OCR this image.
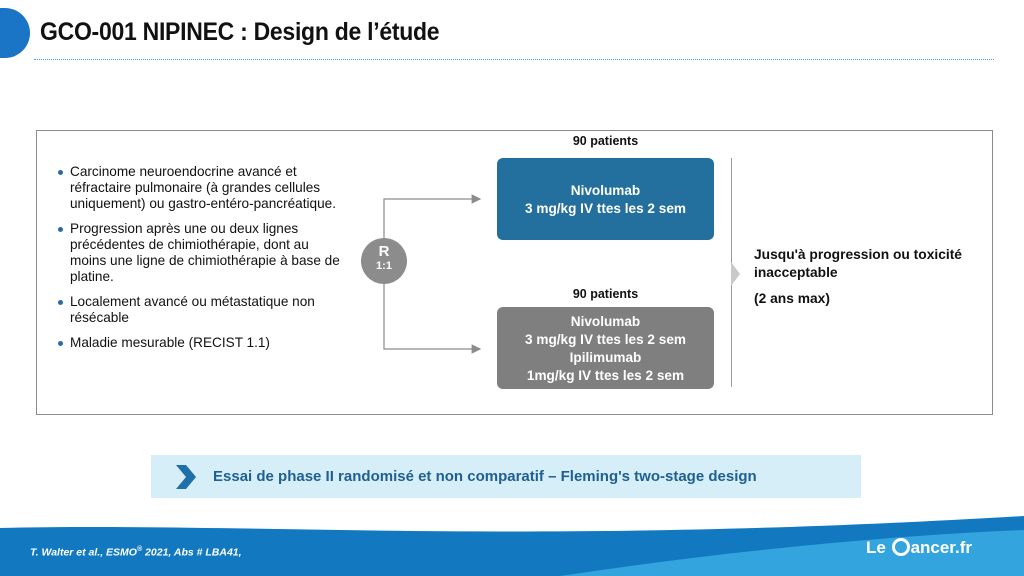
GCO-001 NIPINEC : Design de l’étude
Carcinome neuroendocrine avancé et réfractaire pulmonaire (à grandes cellules uniquement) ou gastro-entéro-pancréatique.
Progression après une ou deux lignes précédentes de chimiothérapie, dont au moins une ligne de chimiothérapie à base de platine.
Localement avancé ou métastatique non résécable
Maladie mesurable (RECIST 1.1)
R
1:1
90 patients
Nivolumab
3 mg/kg IV ttes les 2 sem
90 patients
Nivolumab
3 mg/kg IV ttes les 2 sem
Ipilimumab
1mg/kg IV ttes les 2 sem
Jusqu'à progression ou toxicité inacceptable
(2 ans max)
Essai de phase II randomisé et non comparatif – Fleming's two-stage design
T. Walter et al., ESMO® 2021, Abs # LBA41,	Le ancer.fr
